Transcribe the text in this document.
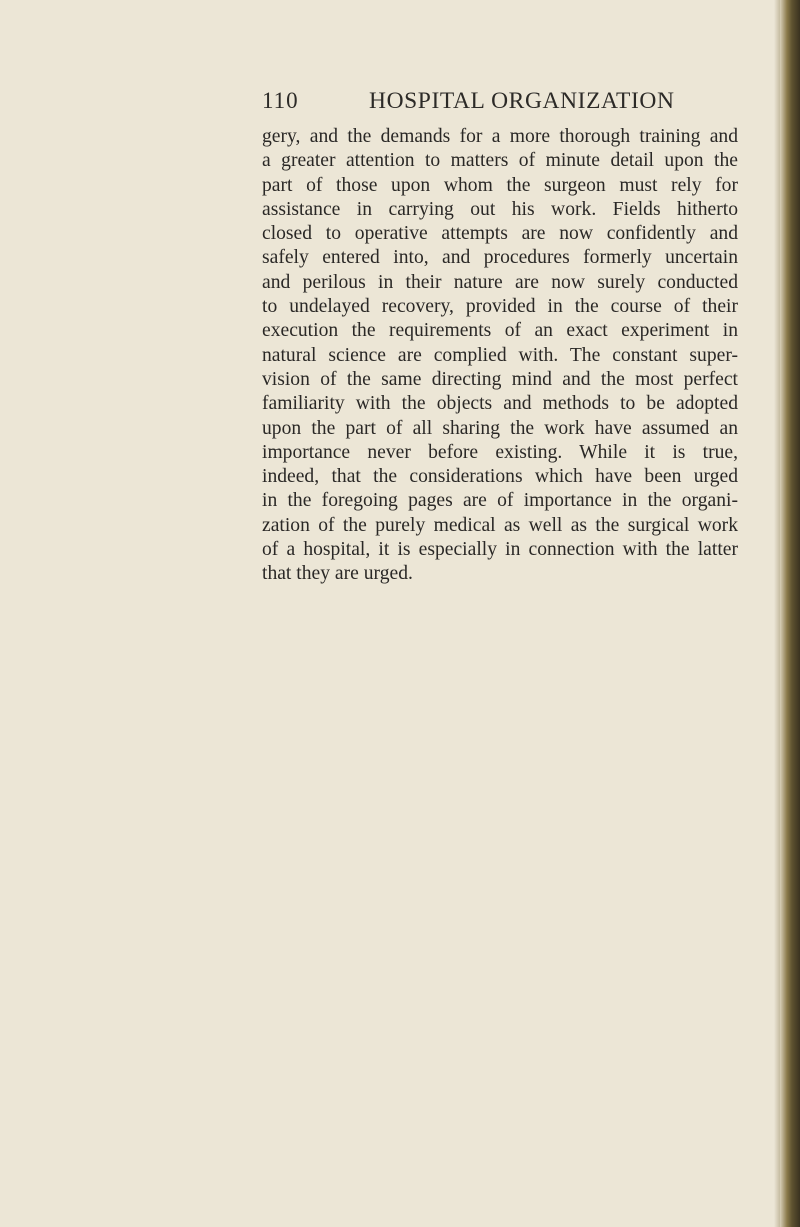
110	HOSPITAL ORGANIZATION
gery, and the demands for a more thorough training and
a greater attention to matters of minute detail upon the
part of those upon whom the surgeon must rely for
assistance in carrying out his work. Fields hitherto
closed to operative attempts are now confidently and
safely entered into, and procedures formerly uncertain
and perilous in their nature are now surely conducted
to undelayed recovery, provided in the course of their
execution the requirements of an exact experiment in
natural science are complied with. The constant super-
vision of the same directing mind and the most perfect
familiarity with the objects and methods to be adopted
upon the part of all sharing the work have assumed an
importance never before existing. While it is true,
indeed, that the considerations which have been urged
in the foregoing pages are of importance in the organi-
zation of the purely medical as well as the surgical work
of a hospital, it is especially in connection with the latter
that they are urged.
